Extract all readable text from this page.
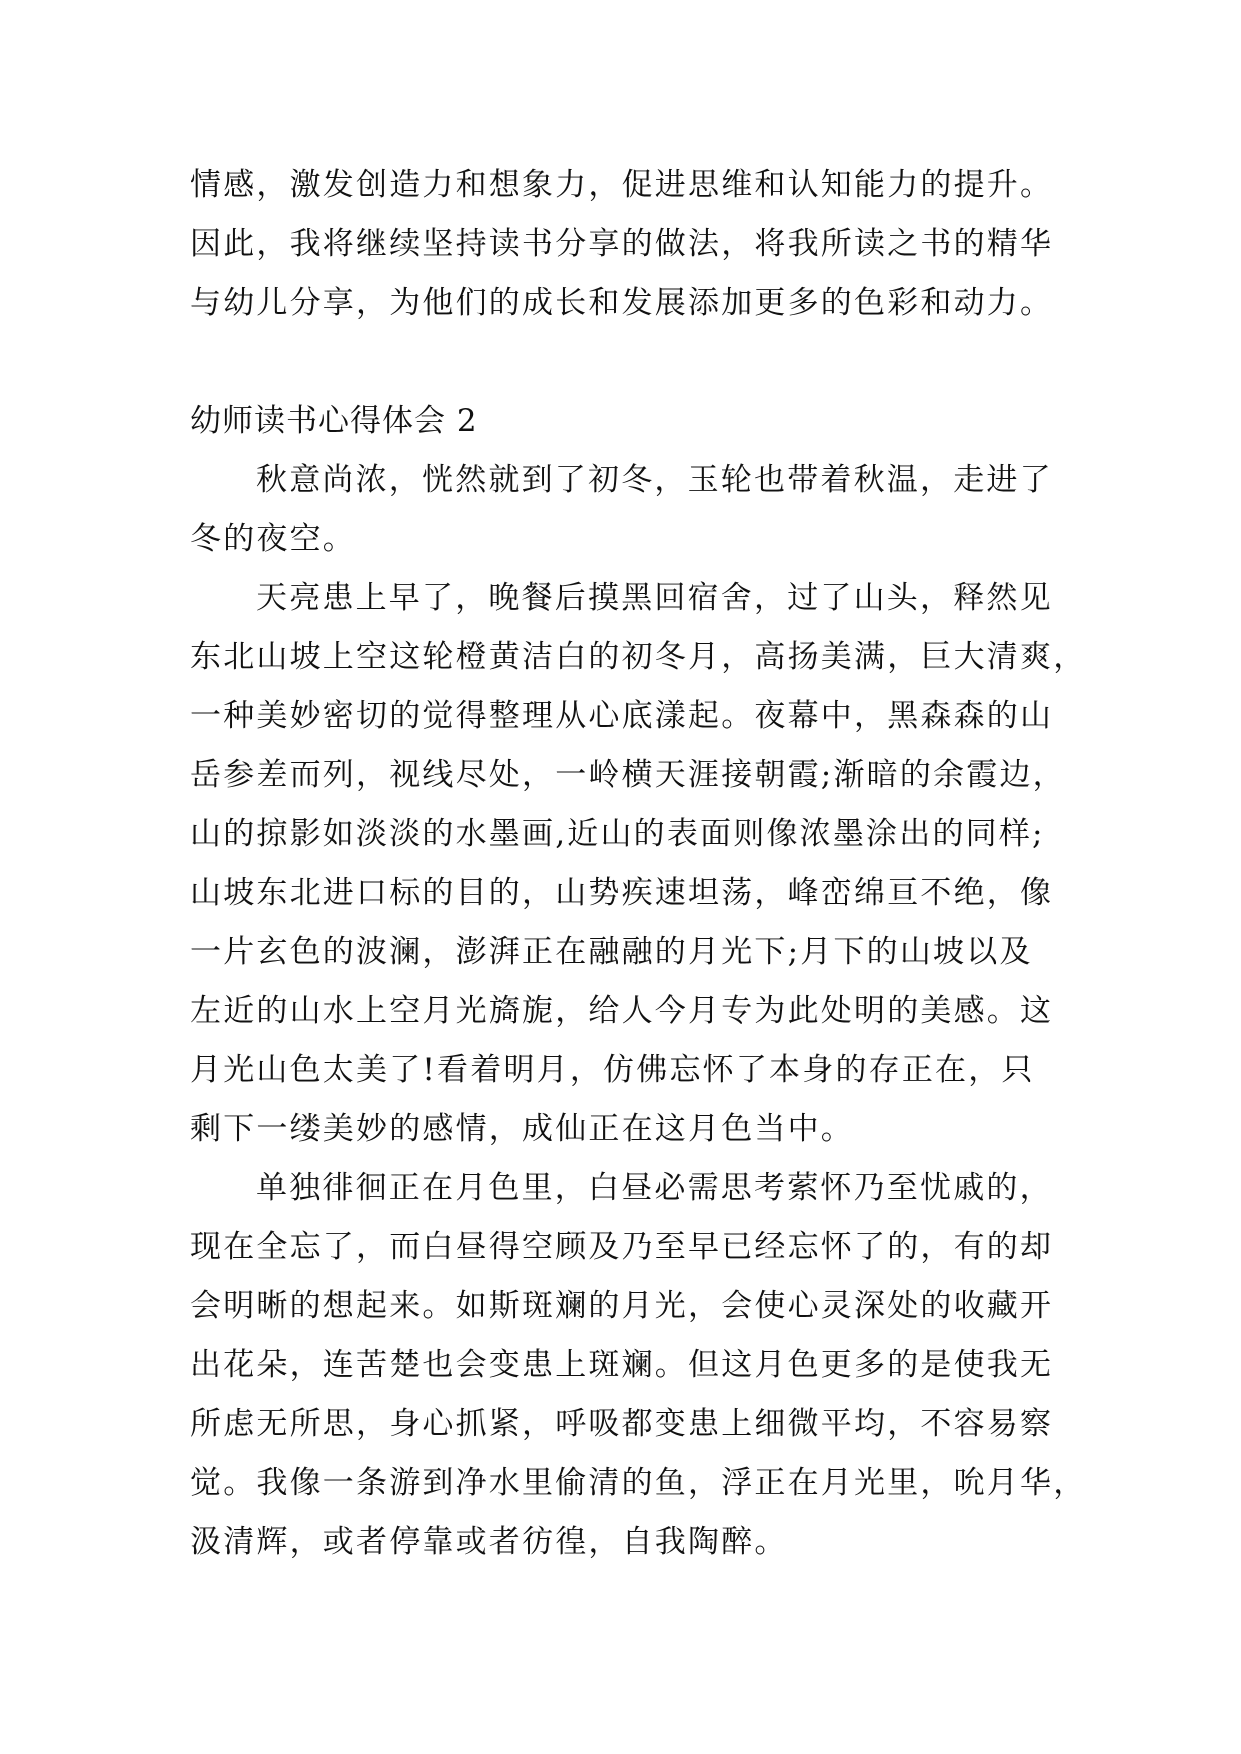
情感，激发创造力和想象力，促进思维和认知能力的提升。
因此，我将继续坚持读书分享的做法，将我所读之书的精华
与幼儿分享，为他们的成长和发展添加更多的色彩和动力。
幼师读书心得体会 2
秋意尚浓，恍然就到了初冬，玉轮也带着秋温，走进了
冬的夜空。
天亮患上早了，晚餐后摸黑回宿舍，过了山头，释然见
东北山坡上空这轮橙黄洁白的初冬月，高扬美满，巨大清爽，
一种美妙密切的觉得整理从心底漾起。夜幕中，黑森森的山
岳参差而列，视线尽处，一岭横天涯接朝霞;渐暗的余霞边，
山的掠影如淡淡的水墨画,近山的表面则像浓墨涂出的同样;
山坡东北进口标的目的，山势疾速坦荡，峰峦绵亘不绝，像
一片玄色的波澜，澎湃正在融融的月光下;月下的山坡以及
左近的山水上空月光旖旎，给人今月专为此处明的美感。这
月光山色太美了!看着明月，仿佛忘怀了本身的存正在，只
剩下一缕美妙的感情，成仙正在这月色当中。
单独徘徊正在月色里，白昼必需思考萦怀乃至忧戚的，
现在全忘了，而白昼得空顾及乃至早已经忘怀了的，有的却
会明晰的想起来。如斯斑斓的月光，会使心灵深处的收藏开
出花朵，连苦楚也会变患上斑斓。但这月色更多的是使我无
所虑无所思，身心抓紧，呼吸都变患上细微平均，不容易察
觉。我像一条游到净水里偷清的鱼，浮正在月光里，吮月华，
汲清辉，或者停靠或者彷徨，自我陶醉。
